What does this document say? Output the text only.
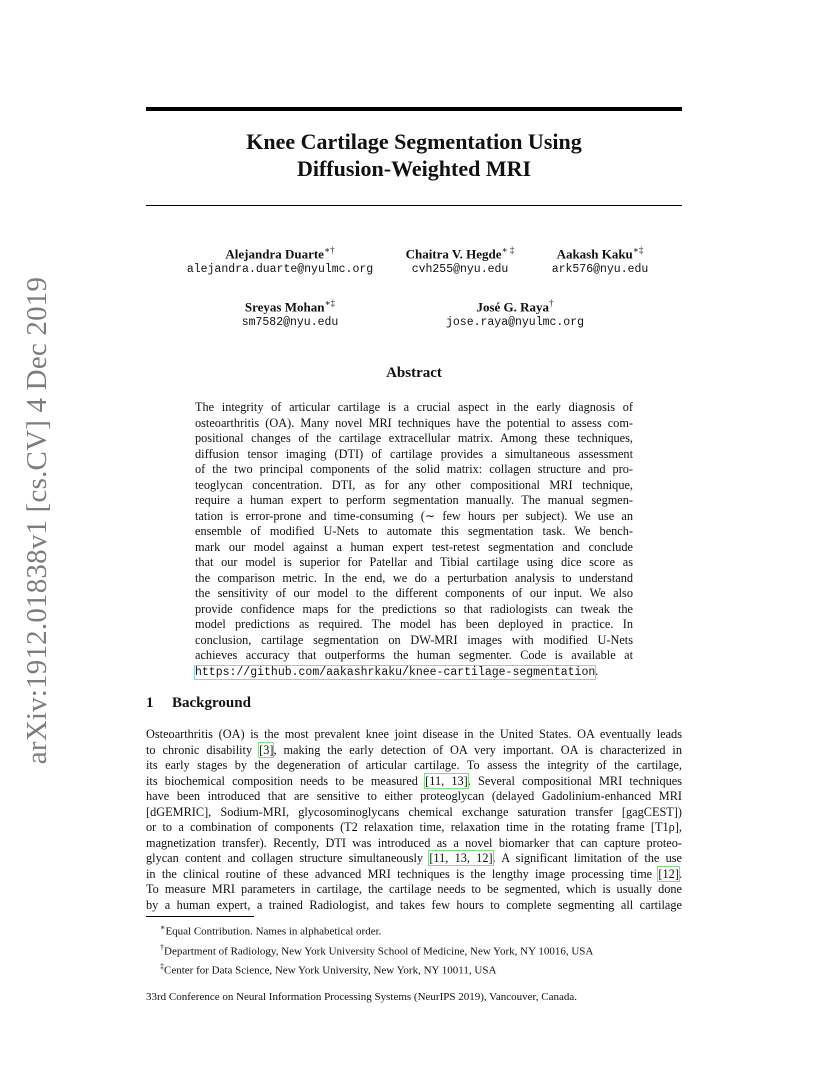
arXiv:1912.01838v1 [cs.CV] 4 Dec 2019
Knee Cartilage Segmentation Using
Diffusion-Weighted MRI
Alejandra Duarte∗†
alejandra.duarte@nyulmc.org
Chaitra V. Hegde∗ ‡
cvh255@nyu.edu
Aakash Kaku∗‡
ark576@nyu.edu
Sreyas Mohan∗‡
sm7582@nyu.edu
José G. Raya†
jose.raya@nyulmc.org
Abstract
The integrity of articular cartilage is a crucial aspect in the early diagnosis of
osteoarthritis (OA). Many novel MRI techniques have the potential to assess com-
positional changes of the cartilage extracellular matrix. Among these techniques,
diffusion tensor imaging (DTI) of cartilage provides a simultaneous assessment
of the two principal components of the solid matrix: collagen structure and pro-
teoglycan concentration. DTI, as for any other compositional MRI technique,
require a human expert to perform segmentation manually. The manual segmen-
tation is error-prone and time-consuming (∼ few hours per subject). We use an
ensemble of modified U-Nets to automate this segmentation task. We bench-
mark our model against a human expert test-retest segmentation and conclude
that our model is superior for Patellar and Tibial cartilage using dice score as
the comparison metric. In the end, we do a perturbation analysis to understand
the sensitivity of our model to the different components of our input. We also
provide confidence maps for the predictions so that radiologists can tweak the
model predictions as required. The model has been deployed in practice. In
conclusion, cartilage segmentation on DW-MRI images with modified U-Nets
achieves accuracy that outperforms the human segmenter. Code is available at
https://github.com/aakashrkaku/knee-cartilage-segmentation.
1 Background
Osteoarthritis (OA) is the most prevalent knee joint disease in the United States. OA eventually leads
to chronic disability [3], making the early detection of OA very important. OA is characterized in
its early stages by the degeneration of articular cartilage. To assess the integrity of the cartilage,
its biochemical composition needs to be measured [11, 13]. Several compositional MRI techniques
have been introduced that are sensitive to either proteoglycan (delayed Gadolinium-enhanced MRI
[dGEMRIC], Sodium-MRI, glycosominoglycans chemical exchange saturation transfer [gagCEST])
or to a combination of components (T2 relaxation time, relaxation time in the rotating frame [T1ρ],
magnetization transfer). Recently, DTI was introduced as a novel biomarker that can capture proteo-
glycan content and collagen structure simultaneously [11, 13, 12]. A significant limitation of the use
in the clinical routine of these advanced MRI techniques is the lengthy image processing time [12].
To measure MRI parameters in cartilage, the cartilage needs to be segmented, which is usually done
by a human expert, a trained Radiologist, and takes few hours to complete segmenting all cartilage
∗Equal Contribution. Names in alphabetical order.
†Department of Radiology, New York University School of Medicine, New York, NY 10016, USA
‡Center for Data Science, New York University, New York, NY 10011, USA
33rd Conference on Neural Information Processing Systems (NeurIPS 2019), Vancouver, Canada.
